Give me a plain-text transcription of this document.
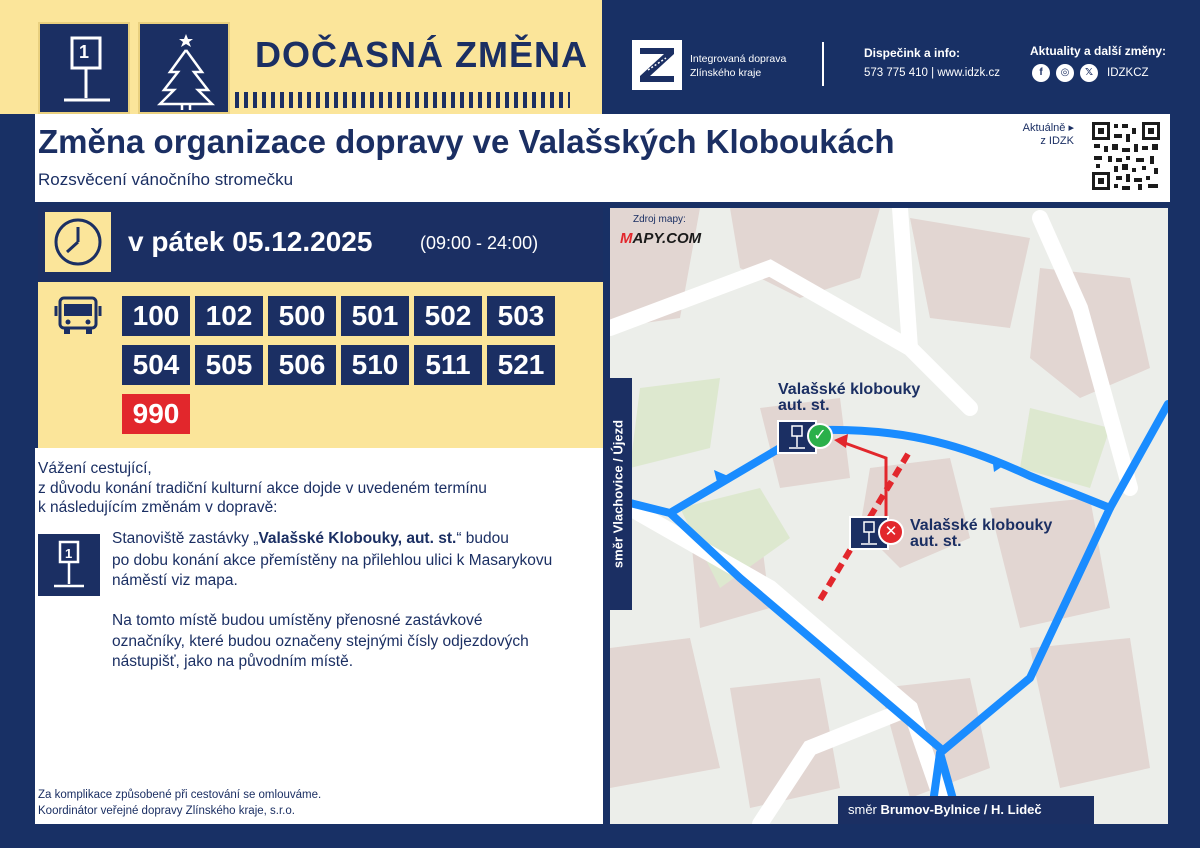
1	DOČASNÁ ZMĚNA	Integrovaná doprava
Zlínského kraje
Dispečink a info:
573 775 410 | www.idzk.cz
Aktuality a další změny:
f	◎	𝕏	IDZKCZ
Změna organizace dopravy ve Valašských Kloboukách
Rozsvěcení vánočního stromečku
Aktuálně ▸
z IDZK
v pátek 05.12.2025	(09:00 - 24:00)
100 102 500 501 502 503
504 505 506 510 511 521
990
Vážení cestující,
z důvodu konání tradiční kulturní akce dojde v uvedeném termínu
k následujícím změnám v dopravě:
1
Stanoviště zastávky „Valašské Klobouky, aut. st.“ budou
po dobu konání akce přemístěny na přilehlou ulici k Masarykovu
náměstí viz mapa.
Na tomto místě budou umístěny přenosné zastávkové
označníky, které budou označeny stejnými čísly odjezdových
nástupišť, jako na původním místě.
Za komplikace způsobené při cestování se omlouváme.
Koordinátor veřejné dopravy Zlínského kraje, s.r.o.
Zdroj mapy:
MAPY.COM
Valašské klobouky
aut. st.
✓
✕ Valašské klobouky
aut. st.
směr Vlachovice / Újezd
směr Brumov-Bylnice / H. Lideč
